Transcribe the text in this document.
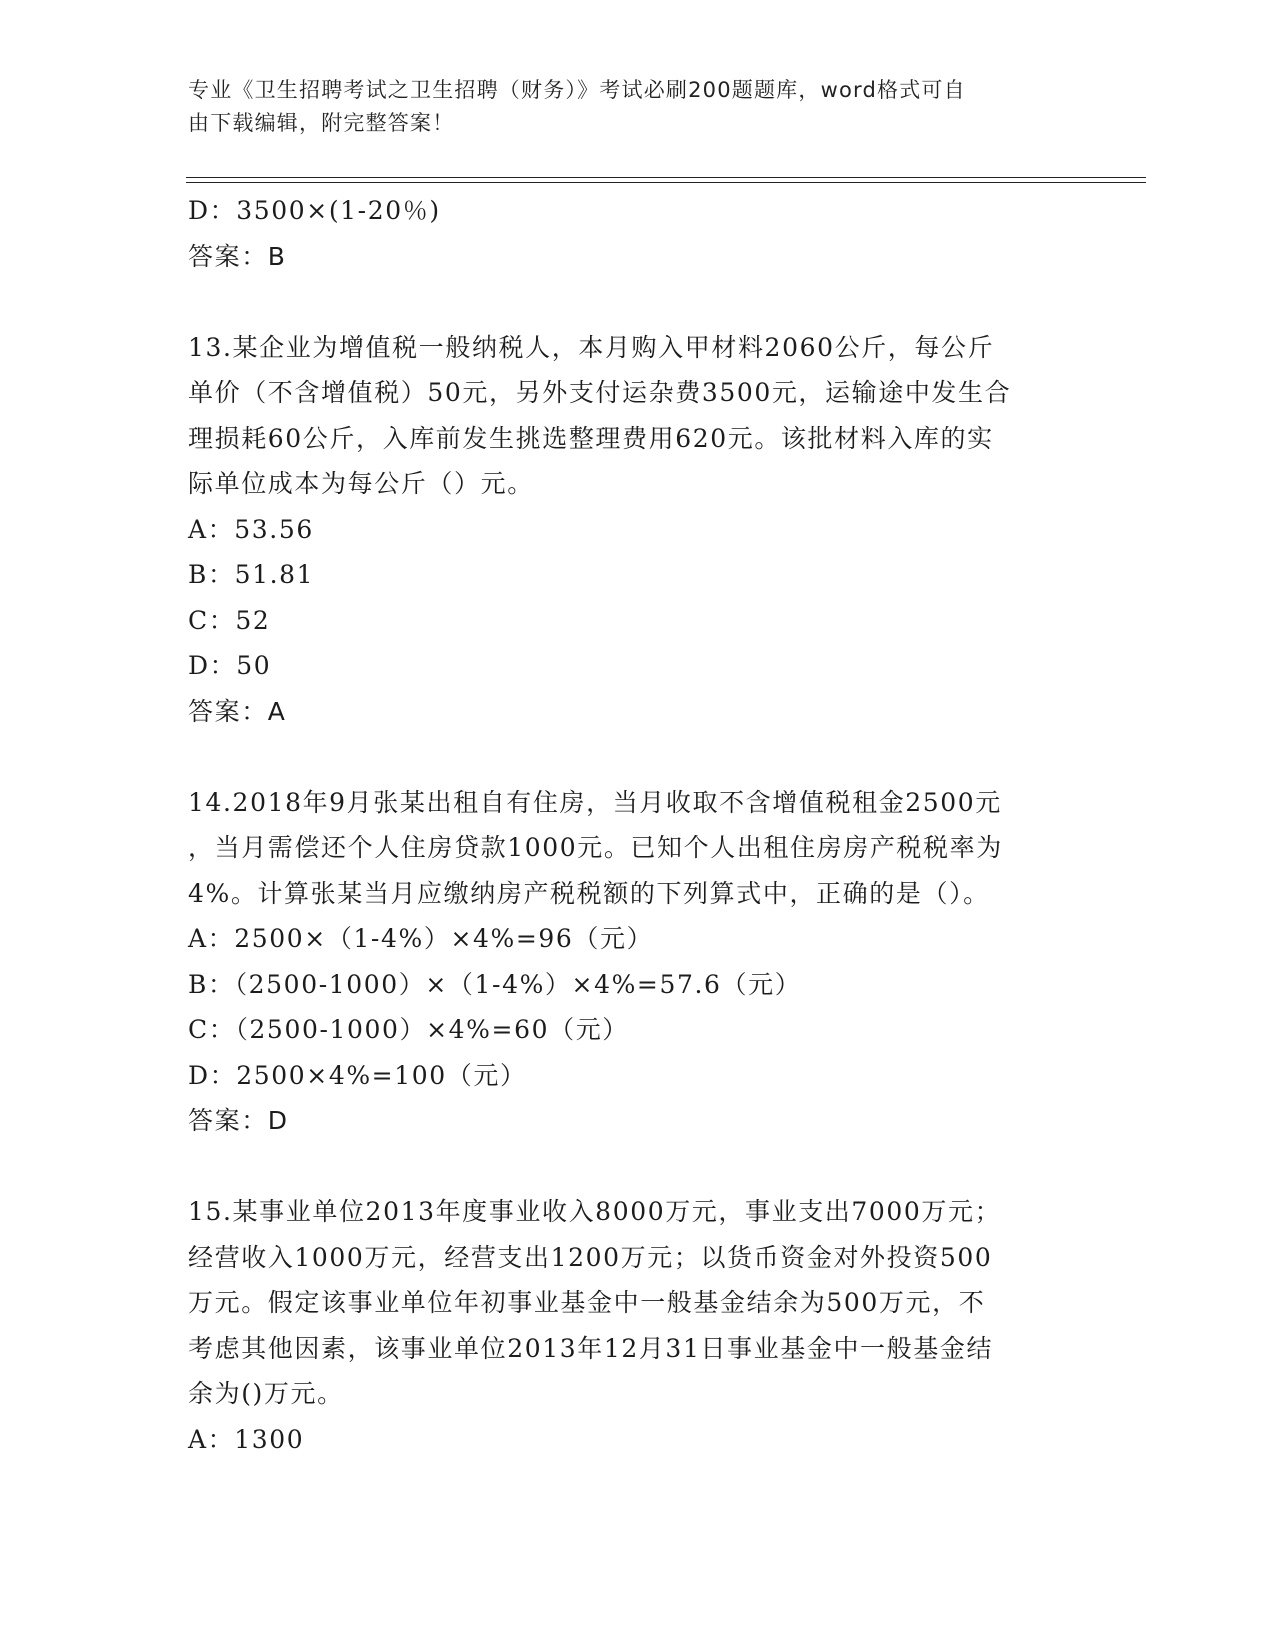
专业《卫生招聘考试之卫生招聘（财务）》考试必刷200题题库，word格式可自
由下载编辑，附完整答案！
D：3500×(1-20％)
答案：B
13.某企业为增值税一般纳税人，本月购入甲材料2060公斤，每公斤
单价（不含增值税）50元，另外支付运杂费3500元，运输途中发生合
理损耗60公斤，入库前发生挑选整理费用620元。该批材料入库的实
际单位成本为每公斤（）元。
A：53.56
B：51.81
C：52
D：50
答案：A
14.2018年9月张某出租自有住房，当月收取不含增值税租金2500元
，当月需偿还个人住房贷款1000元。已知个人出租住房房产税税率为
4%。计算张某当月应缴纳房产税税额的下列算式中，正确的是（）。
A：2500×（1-4%）×4%=96（元）
B：（2500-1000）×（1-4%）×4%=57.6（元）
C：（2500-1000）×4%=60（元）
D：2500×4%=100（元）
答案：D
15.某事业单位2013年度事业收入8000万元，事业支出7000万元；
经营收入1000万元，经营支出1200万元；以货币资金对外投资500
万元。假定该事业单位年初事业基金中一般基金结余为500万元，不
考虑其他因素，该事业单位2013年12月31日事业基金中一般基金结
余为()万元。
A：1300
